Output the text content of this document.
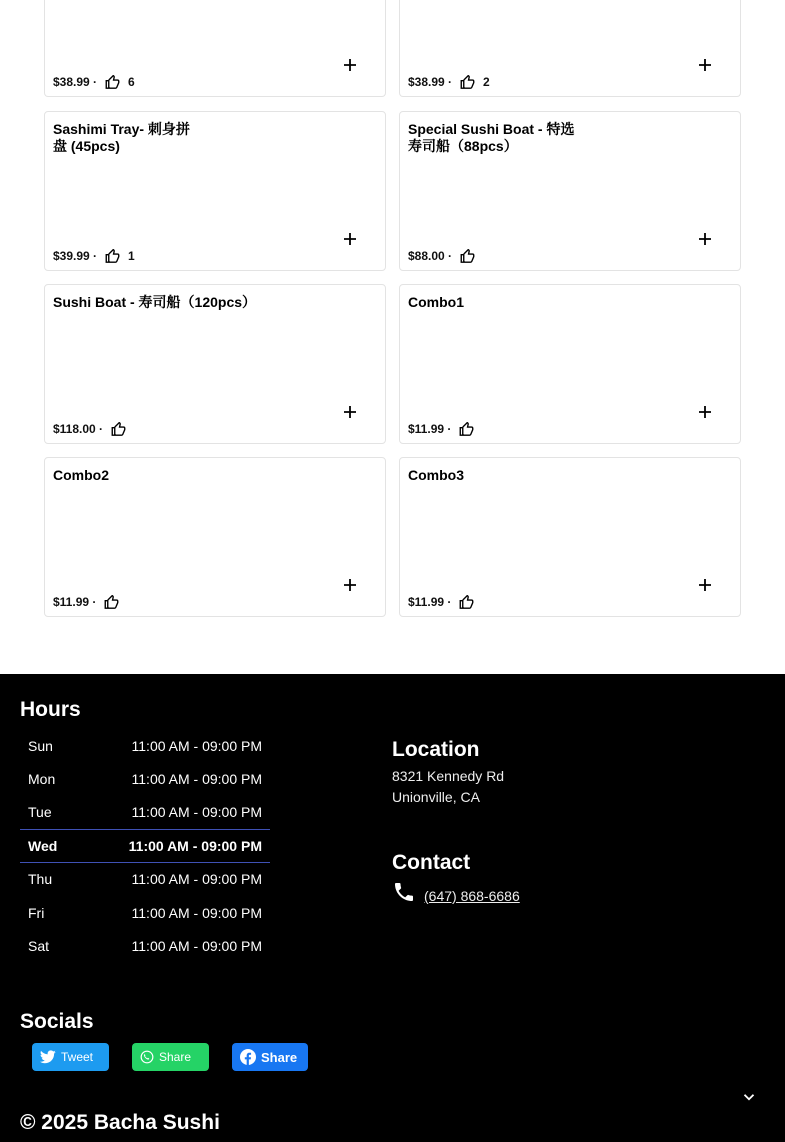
$38.99 ·	6	$38.99 ·	2
Sashimi Tray- 刺身拼盘 (45pcs)
$39.99 ·	1
Special Sushi Boat - 特选寿司船（88pcs）
$88.00 ·
Sushi Boat - 寿司船（120pcs）
$118.00 ·
Combo1
$11.99 ·
Combo2
$11.99 ·
Combo3
$11.99 ·
Hours
Sun	11:00 AM - 09:00 PM
Mon	11:00 AM - 09:00 PM
Tue	11:00 AM - 09:00 PM
Wed	11:00 AM - 09:00 PM
Thu	11:00 AM - 09:00 PM
Fri	11:00 AM - 09:00 PM
Sat	11:00 AM - 09:00 PM
Location
8321 Kennedy Rd
Unionville, CA
Contact
(647) 868-6686
Socials
Tweet	Share	Share
© 2025 Bacha Sushi
